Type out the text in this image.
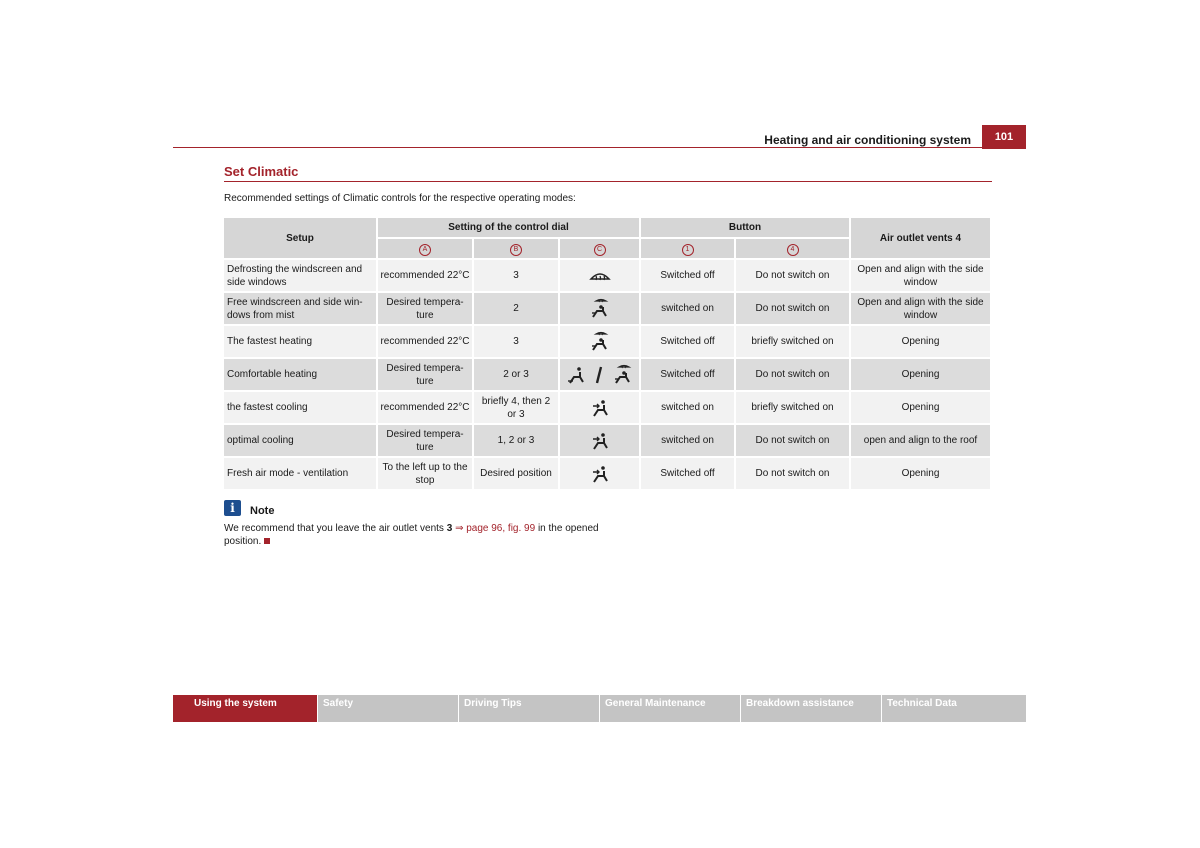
Heating and air conditioning system	101
Set Climatic
Recommended settings of Climatic controls for the respective operating modes:
Setup	Setting of the control dial			Button		Air outlet vents 4
	A	B	C	1	4	
Defrosting the windscreen and side windows	recommended 22°C	3		Switched off	Do not switch on	Open and align with the side window
Free windscreen and side win-dows from mist	Desired tempera-ture	2		switched on	Do not switch on	Open and align with the side window
The fastest heating	recommended 22°C	3		Switched off	briefly switched on	Opening
Comfortable heating	Desired tempera-ture	2 or 3		Switched off	Do not switch on	Opening
the fastest cooling	recommended 22°C	briefly 4, then 2 or 3		switched on	briefly switched on	Opening
optimal cooling	Desired tempera-ture	1, 2 or 3		switched on	Do not switch on	open and align to the roof
Fresh air mode - ventilation	To the left up to the stop	Desired position		Switched off	Do not switch on	Opening
i	Note
We recommend that you leave the air outlet vents 3 ⇒ page 96, fig. 99 in the opened position.
Using the system	Safety	Driving Tips	General Maintenance	Breakdown assistance	Technical Data
